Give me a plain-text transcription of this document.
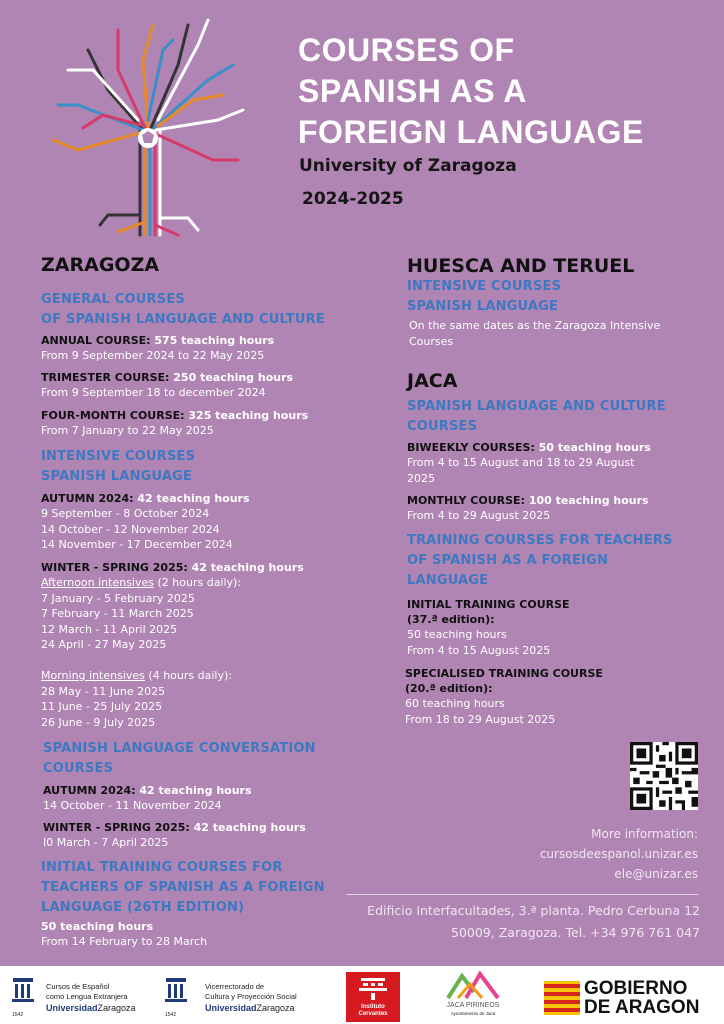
COURSES OF
SPANISH AS A
FOREIGN LANGUAGE
University of Zaragoza
2024-2025
ZARAGOZA
GENERAL COURSES
OF SPANISH LANGUAGE AND CULTURE
ANNUAL COURSE: 575 teaching hours
From 9 September 2024 to 22 May 2025
TRIMESTER COURSE: 250 teaching hours
From 9 September 18 to december 2024
FOUR-MONTH COURSE: 325 teaching hours
From 7 January to 22 May 2025
INTENSIVE COURSES
SPANISH LANGUAGE
AUTUMN 2024: 42 teaching hours
9 September - 8 October 2024
14 October - 12 November 2024
14 November - 17 December 2024
WINTER - SPRING 2025: 42 teaching hours
Afternoon intensives (2 hours daily):
7 January - 5 February 2025
7 February - 11 March 2025
12 March - 11 April 2025
24 April - 27 May 2025
Morning intensives (4 hours daily):
28 May - 11 June 2025
11 June - 25 July 2025
26 June - 9 July 2025
SPANISH LANGUAGE CONVERSATION
COURSES
AUTUMN 2024: 42 teaching hours
14 October - 11 November 2024
WINTER - SPRING 2025: 42 teaching hours
I0 March - 7 April 2025
INITIAL TRAINING COURSES FOR
TEACHERS OF SPANISH AS A FOREIGN
LANGUAGE (26TH EDITION)
50 teaching hours
From 14 February to 28 March
HUESCA AND TERUEL
INTENSIVE COURSES
SPANISH LANGUAGE
On the same dates as the Zaragoza Intensive
Courses
JACA
SPANISH LANGUAGE AND CULTURE
COURSES
BIWEEKLY COURSES: 50 teaching hours
From 4 to 15 August and 18 to 29 August
2025
MONTHLY COURSE: 100 teaching hours
From 4 to 29 August 2025
TRAINING COURSES FOR TEACHERS
OF SPANISH AS A FOREIGN
LANGUAGE
INITIAL TRAINING COURSE
(37.ª edition):
50 teaching hours
From 4 to 15 August 2025
SPECIALISED TRAINING COURSE
(20.ª edition):
60 teaching hours
From 18 to 29 August 2025
More information:
cursosdeespanol.unizar.es
ele@unizar.es
Edificio Interfacultades, 3.ª planta. Pedro Cerbuna 12
50009, Zaragoza. Tel. +34 976 761 047
1542
Cursos de Español
como Lengua Extranjera
UniversidadZaragoza
1542
Vicerrectorado de
Cultura y Proyección Social
UniversidadZaragoza	Instituto
Cervantes
JACA PIRINEOS
Ayuntamiento de Jaca
GOBIERNO
DE ARAGON
